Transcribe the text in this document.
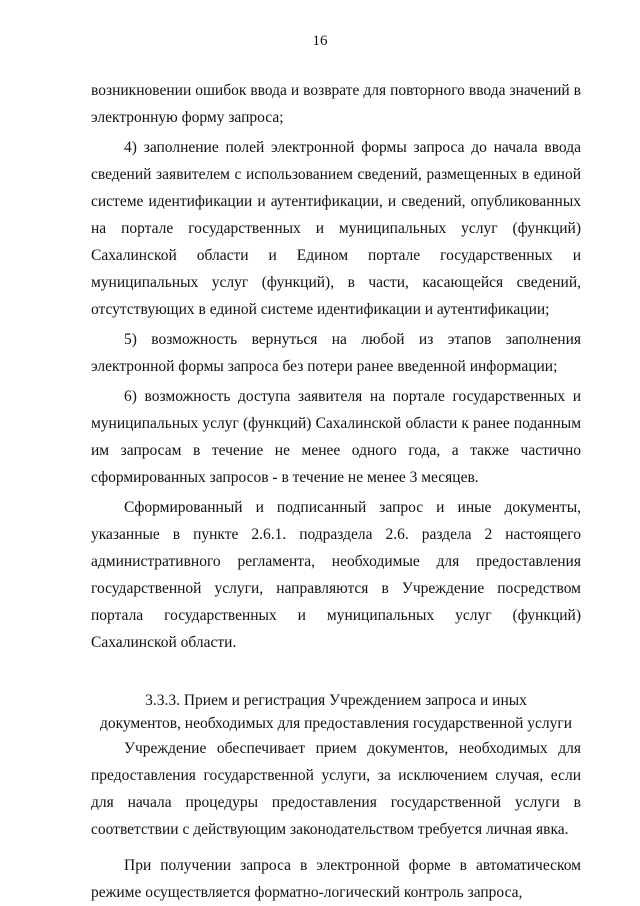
16

возникновении ошибок ввода и возврате для повторного ввода значений в электронную форму запроса;

4) заполнение полей электронной формы запроса до начала ввода сведений заявителем с использованием сведений, размещенных в единой системе идентификации и аутентификации, и сведений, опубликованных на портале государственных и муниципальных услуг (функций) Сахалинской области и Едином портале государственных и муниципальных услуг (функций), в части, касающейся сведений, отсутствующих в единой системе идентификации и аутентификации;

5) возможность вернуться на любой из этапов заполнения электронной формы запроса без потери ранее введенной информации;

6) возможность доступа заявителя на портале государственных и муниципальных услуг (функций) Сахалинской области к ранее поданным им запросам в течение не менее одного года, а также частично сформированных запросов - в течение не менее 3 месяцев.

Сформированный и подписанный запрос и иные документы, указанные в пункте 2.6.1. подраздела 2.6. раздела 2 настоящего административного регламента, необходимые для предоставления государственной услуги, направляются в Учреждение посредством портала государственных и муниципальных услуг (функций) Сахалинской области.

3.3.3. Прием и регистрация Учреждением запроса и иных
документов, необходимых для предоставления государственной услуги

Учреждение обеспечивает прием документов, необходимых для предоставления государственной услуги, за исключением случая, если для начала процедуры предоставления государственной услуги в соответствии с действующим законодательством требуется личная явка.

При получении запроса в электронной форме в автоматическом режиме осуществляется форматно-логический контроль запроса,
